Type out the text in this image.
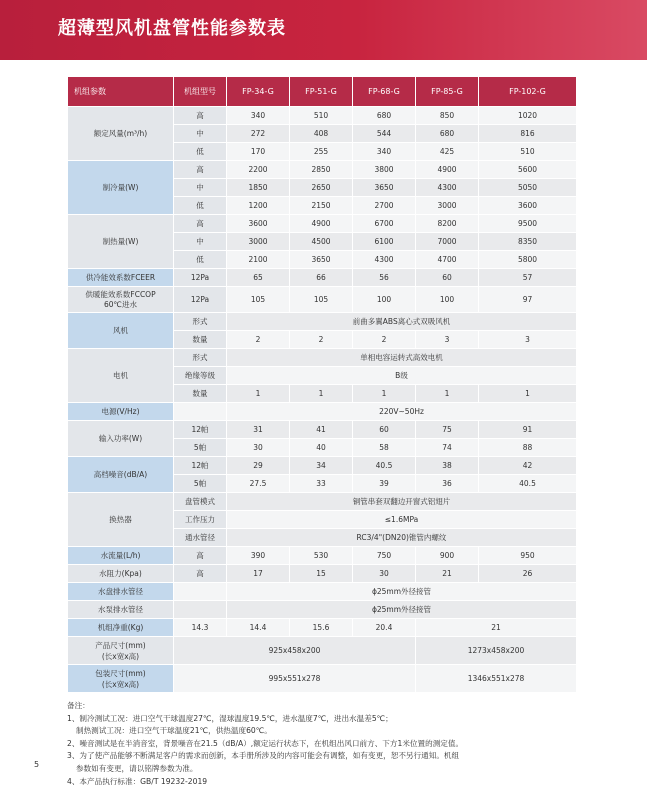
超薄型风机盘管性能参数表
机组参数	机组型号	FP-34-G	FP-51-G	FP-68-G	FP-85-G	FP-102-G
额定风量(m³/h)	高	340	510	680	850	1020
	中	272	408	544	680	816
	低	170	255	340	425	510
制冷量(W)	高	2200	2850	3800	4900	5600
	中	1850	2650	3650	4300	5050
	低	1200	2150	2700	3000	3600
制热量(W)	高	3600	4900	6700	8200	9500
	中	3000	4500	6100	7000	8350
	低	2100	3650	4300	4700	5800
供冷能效系数FCEER	12Pa	65	66	56	60	57
供暖能效系数FCCOP
60℃进水	12Pa	105	105	100	100	97
风机	形式	前曲多翼ABS离心式双吸风机				
	数量	2	2	2	3	3
电机	形式	单相电容运转式高效电机				
	绝缘等级	B级				
	数量	1	1	1	1	1
电源(V/Hz)		220V~50Hz				
输入功率(W)	12帕	31	41	60	75	91
	5帕	30	40	58	74	88
高档噪音(dB/A)	12帕	29	34	40.5	38	42
	5帕	27.5	33	39	36	40.5
换热器	盘管模式	铜管串套双翻边开窗式铝翅片				
	工作压力	≤1.6MPa				
	通水管径	RC3/4"(DN20)锥管内螺纹				
水流量(L/h)	高	390	530	750	900	950
水阻力(Kpa)	高	17	15	30	21	26
水盘排水管径		ϕ25mm外径接管				
水泵排水管径		ϕ25mm外径接管				
机组净重(Kg)	14.3	14.4	15.6	20.4	21	
产品尺寸(mm)
(长x宽x高)	925x458x200				1273x458x200	
包装尺寸(mm)
(长x宽x高)	995x551x278				1346x551x278	
备注：
1、制冷测试工况：进口空气干球温度27℃，湿球温度19.5℃，进水温度7℃，进出水温差5℃；
制热测试工况：进口空气干球温度21℃，供热温度60℃。
2、噪音测试是在半消音室，背景噪音在21.5（dB/A）,额定运行状态下，在机组出风口前方、下方1米位置的测定值。
3、为了使产品能够不断满足客户的需求而创新，本手册所涉及的内容可能会有调整，如有变更，恕不另行通知。机组
参数如有变更，请以铭牌参数为准。
4、本产品执行标准：GB/T 19232-2019
5
